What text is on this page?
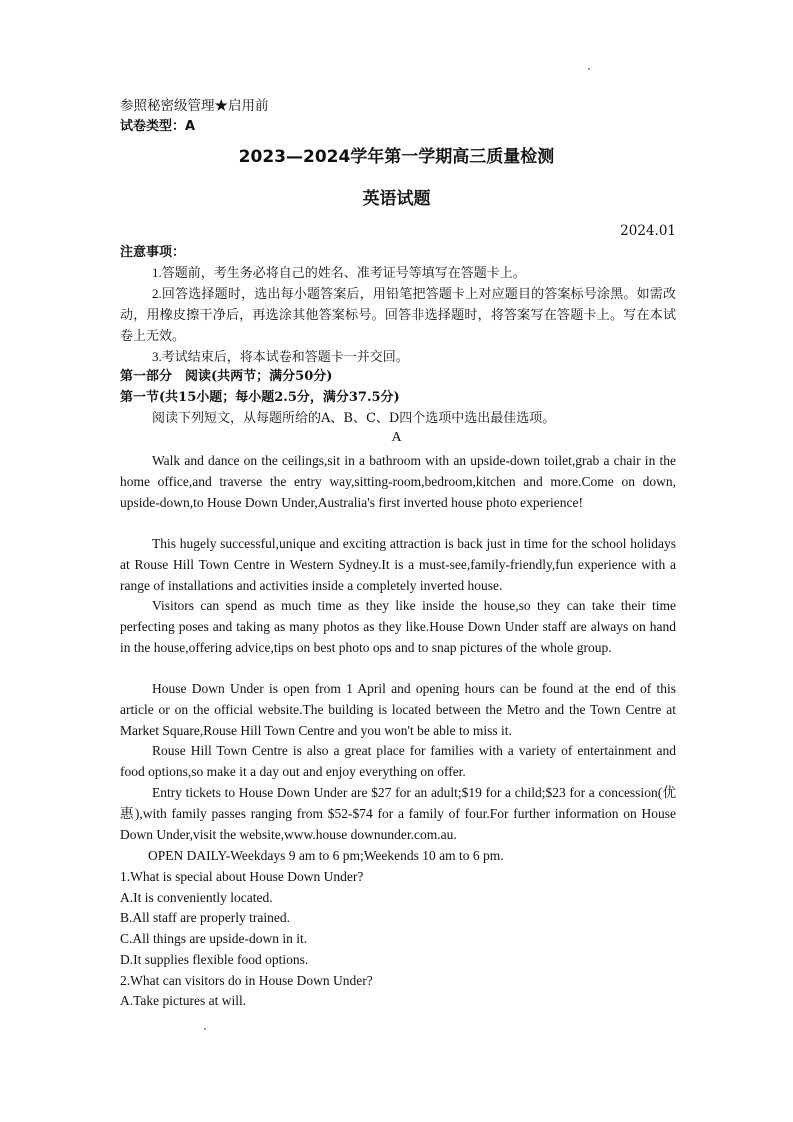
参照秘密级管理★启用前
试卷类型：A
2023—2024学年第一学期高三质量检测
英语试题
2024.01
注意事项：
1.答题前，考生务必将自己的姓名、准考证号等填写在答题卡上。
2.回答选择题时，选出每小题答案后，用铅笔把答题卡上对应题目的答案标号涂黑。如需改动，用橡皮擦干净后，再选涂其他答案标号。回答非选择题时，将答案写在答题卡上。写在本试卷上无效。
3.考试结束后，将本试卷和答题卡一并交回。
第一部分　阅读(共两节；满分50分)
第一节(共15小题；每小题2.5分，满分37.5分)
阅读下列短文，从每题所给的A、B、C、D四个选项中选出最佳选项。
A
Walk and dance on the ceilings,sit in a bathroom with an upside-down toilet,grab a chair in the home office,and traverse the entry way,sitting-room,bedroom,kitchen and more.Come on down, upside-down,to House Down Under,Australia's first inverted house photo experience!
This hugely successful,unique and exciting attraction is back just in time for the school holidays at Rouse Hill Town Centre in Western Sydney.It is a must-see,family-friendly,fun experience with a range of installations and activities inside a completely inverted house.
Visitors can spend as much time as they like inside the house,so they can take their time perfecting poses and taking as many photos as they like.House Down Under staff are always on hand in the house,offering advice,tips on best photo ops and to snap pictures of the whole group.
House Down Under is open from 1 April and opening hours can be found at the end of this article or on the official website.The building is located between the Metro and the Town Centre at Market Square,Rouse Hill Town Centre and you won't be able to miss it.
Rouse Hill Town Centre is also a great place for families with a variety of entertainment and food options,so make it a day out and enjoy everything on offer.
Entry tickets to House Down Under are $27 for an adult;$19 for a child;$23 for a concession(优惠),with family passes ranging from $52-$74 for a family of four.For further information on House Down Under,visit the website,www.house downunder.com.au.
OPEN DAILY-Weekdays 9 am to 6 pm;Weekends 10 am to 6 pm.
1.What is special about House Down Under?
A.It is conveniently located.
B.All staff are properly trained.
C.All things are upside-down in it.
D.It supplies flexible food options.
2.What can visitors do in House Down Under?
A.Take pictures at will.
